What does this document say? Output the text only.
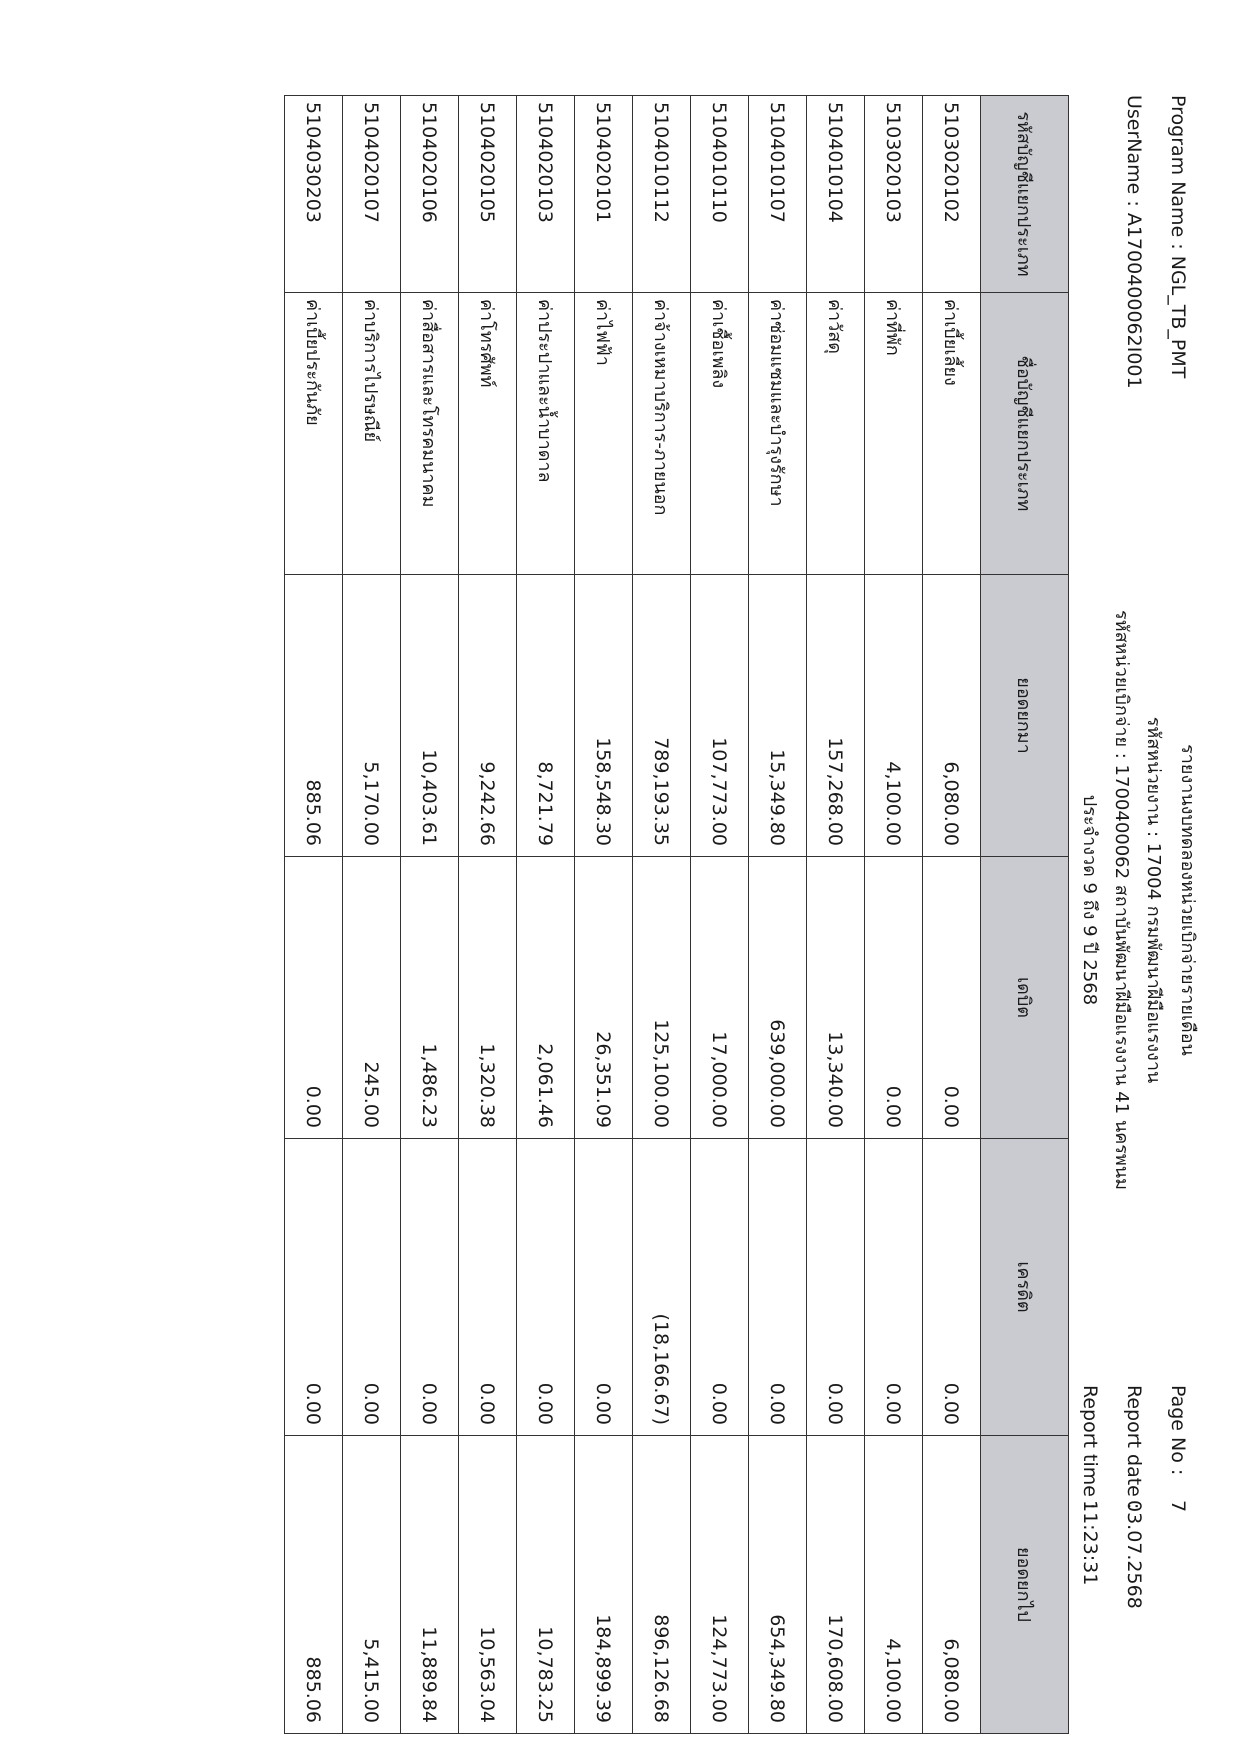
Program Name : NGL_TB_PMT
รายงานงบทดลองหน่วยเบิกจ่ายรายเดือน
รหัสหน่วยงาน : 17004 กรมพัฒนาฝีมือแรงงาน
รหัสหน่วยเบิกจ่าย : 1700400062 สถาบันพัฒนาฝีมือแรงงาน 41 นครพนม
ประจำงวด 9 ถึง 9 ปี 2568
Page No :
7
Report date :
03.07.2568
Report time :
11:23:31
รหัสบัญชีแยกประเภท	ชื่อบัญชีแยกประเภท	ยอดยกมา	เดบิต	เครดิต	ยอดยกไป
5103020102	ค่าเบี้ยเลี้ยง	6,080.00	0.00	0.00	6,080.00
5103020103	ค่าที่พัก	4,100.00	0.00	0.00	4,100.00
5104010104	ค่าวัสดุ	157,268.00	13,340.00	0.00	170,608.00
5104010107	ค่าซ่อมแซมและบำรุงรักษา	15,349.80	639,000.00	0.00	654,349.80
5104010110	ค่าเชื้อเพลิง	107,773.00	17,000.00	0.00	124,773.00
5104010112	ค่าจ้างเหมาบริการ-ภายนอก	789,193.35	125,100.00	(18,166.67)	896,126.68
5104020101	ค่าไฟฟ้า	158,548.30	26,351.09	0.00	184,899.39
5104020103	ค่าประปาและน้ำบาดาล	8,721.79	2,061.46	0.00	10,783.25
5104020105	ค่าโทรศัพท์	9,242.66	1,320.38	0.00	10,563.04
5104020106	ค่าสื่อสารและโทรคมนาคม	10,403.61	1,486.23	0.00	11,889.84
5104020107	ค่าบริการไปรษณีย์	5,170.00	245.00	0.00	5,415.00
5104030203	ค่าเบี้ยประกันภัย	885.06	0.00	0.00	885.06
UserName : A1700400062I001
